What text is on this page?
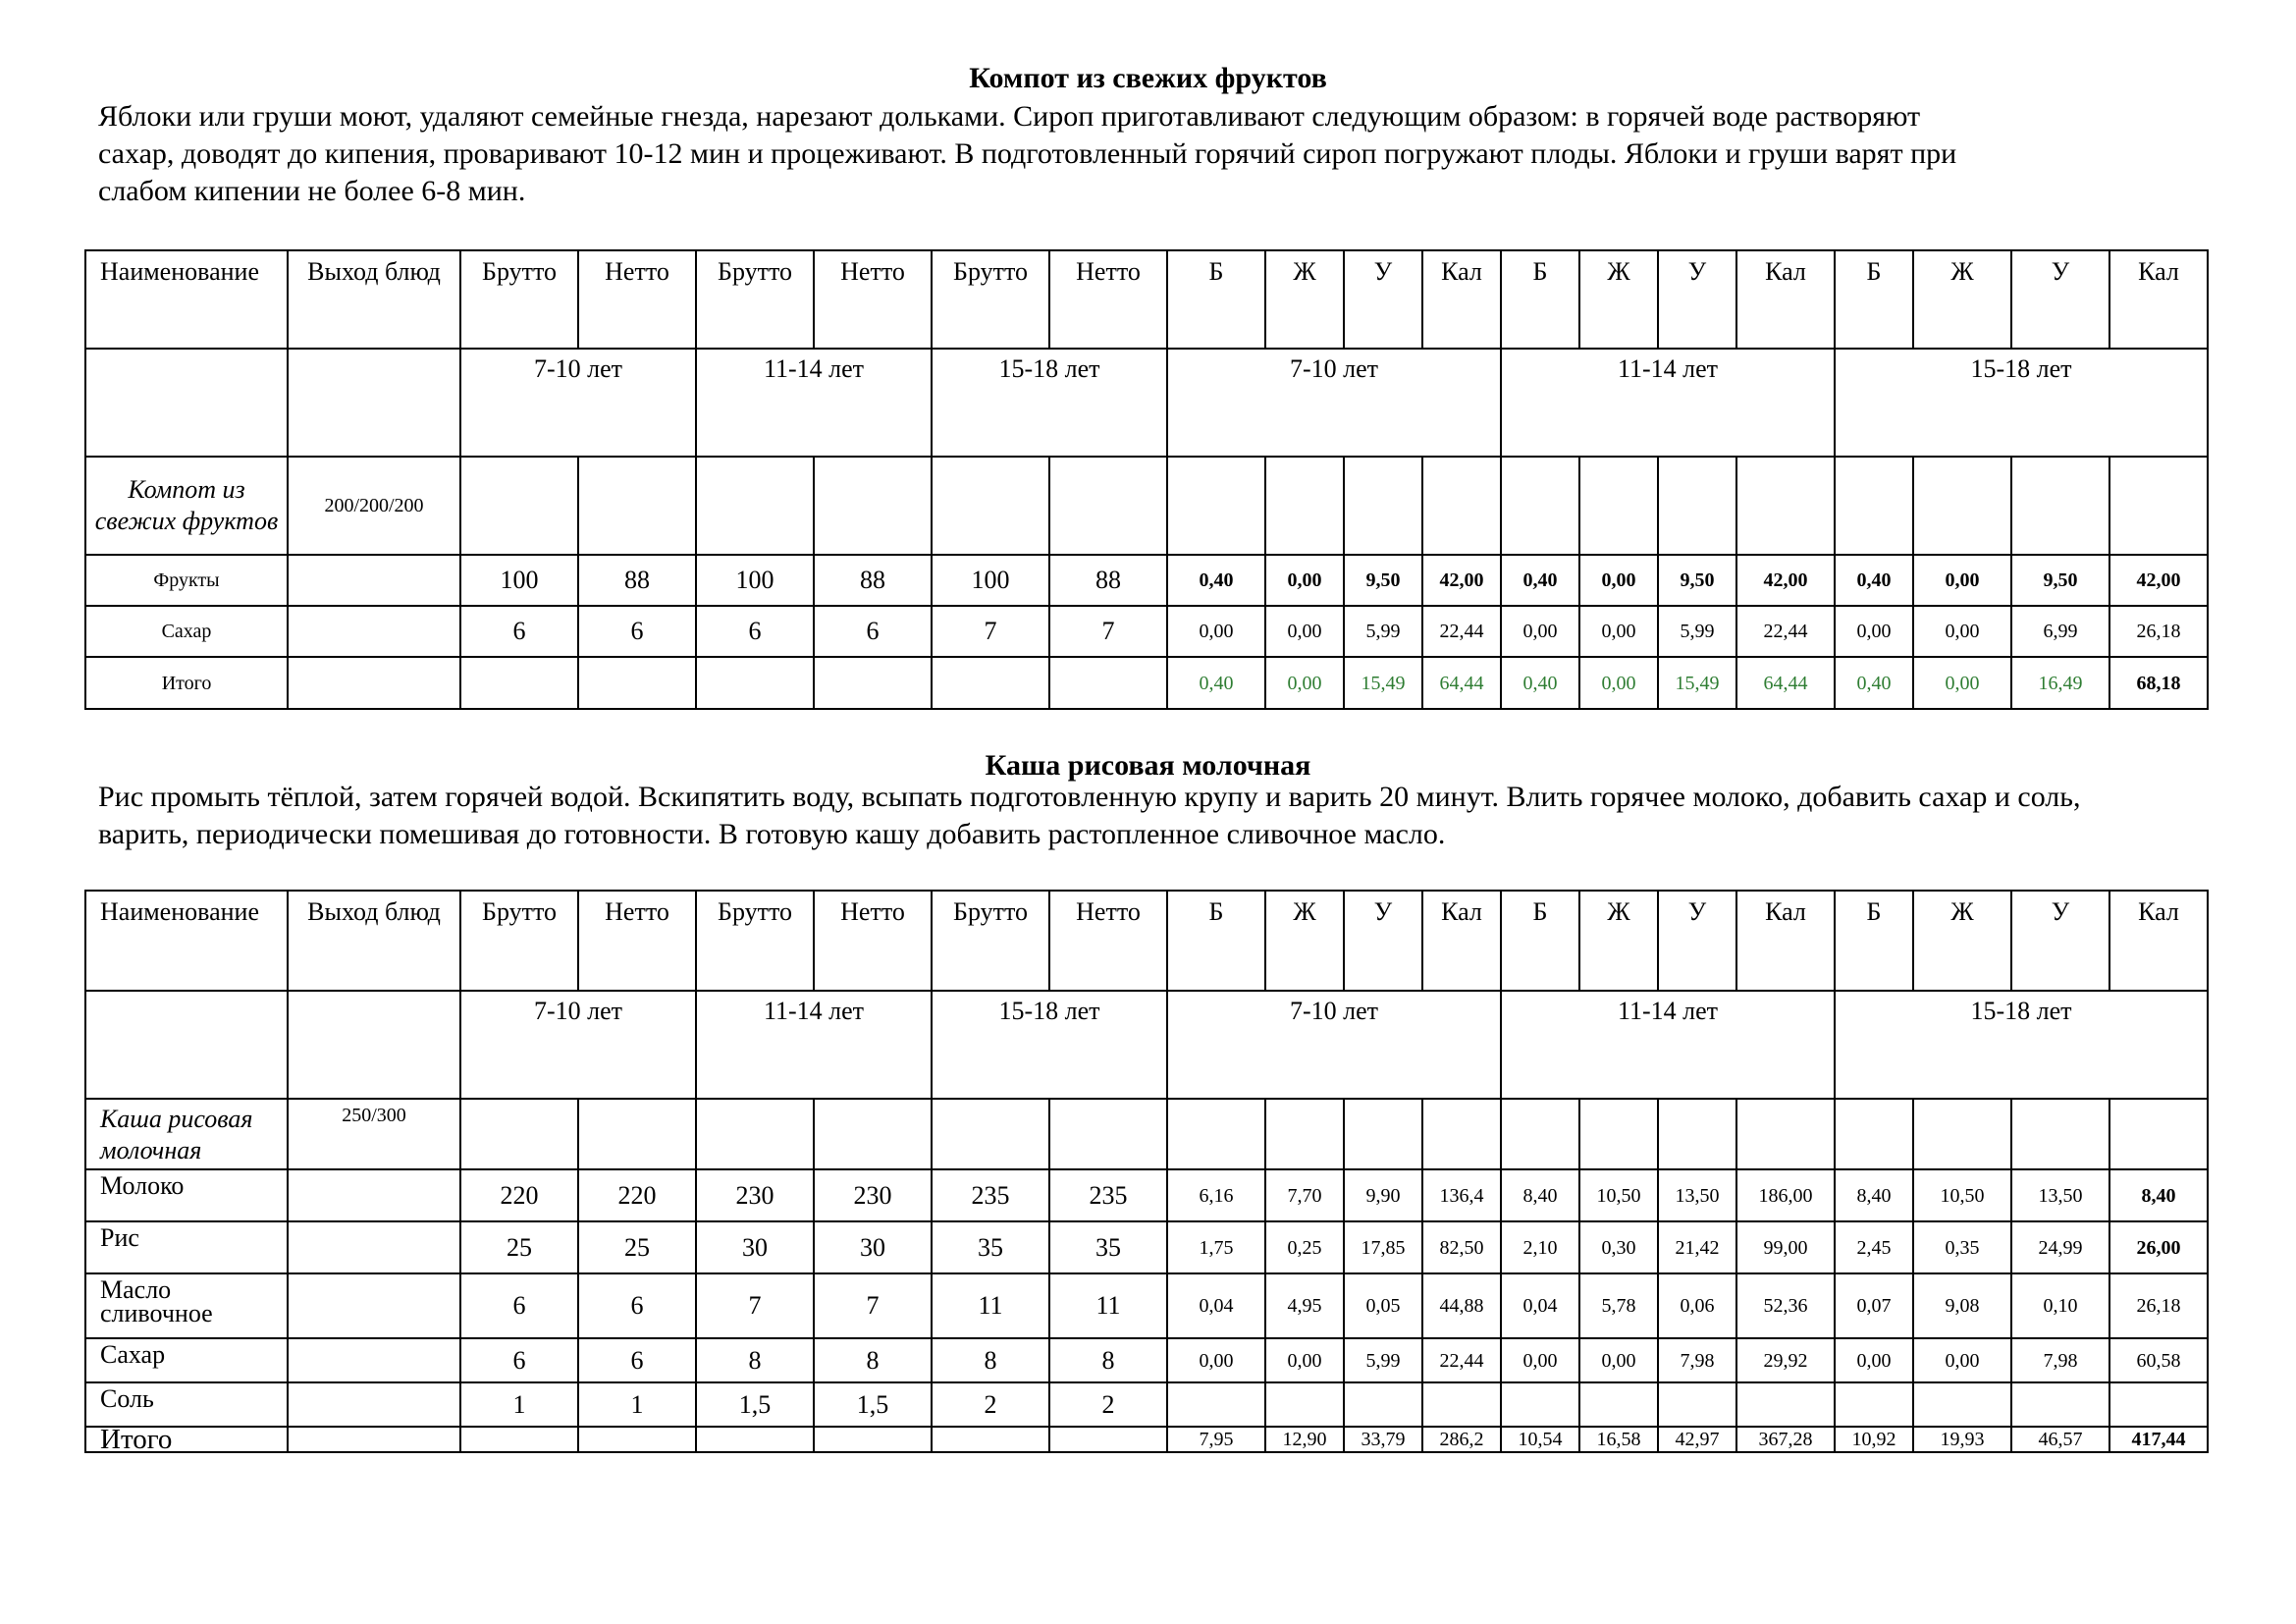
Компот из свежих фруктов

Яблоки или груши моют, удаляют семейные гнезда, нарезают дольками. Сироп приготавливают следующим образом: в горячей воде растворяют
сахар, доводят до кипения, проваривают 10-12 мин и процеживают. В подготовленный горячий сироп погружают плоды. Яблоки и груши варят при
слабом кипении не более 6-8 мин.

Наименование	Выход блюд	Брутто	Нетто	Брутто	Нетто	Брутто	Нетто	Б	Ж	У	Кал	Б	Ж	У	Кал	Б	Ж	У	Кал
		7-10 лет		11-14 лет		15-18 лет		7-10 лет				11-14 лет				15-18 лет			
Компот из свежих фруктов	200/200/200																		
Фрукты		100	88	100	88	100	88	0,40	0,00	9,50	42,00	0,40	0,00	9,50	42,00	0,40	0,00	9,50	42,00
Сахар		6	6	6	6	7	7	0,00	0,00	5,99	22,44	0,00	0,00	5,99	22,44	0,00	0,00	6,99	26,18
Итого								0,40	0,00	15,49	64,44	0,40	0,00	15,49	64,44	0,40	0,00	16,49	68,18
Каша рисовая молочная

Рис промыть тёплой, затем горячей водой. Вскипятить воду, всыпать подготовленную крупу и варить 20 минут. Влить горячее молоко, добавить сахар и соль,
варить, периодически помешивая до готовности. В готовую кашу добавить растопленное сливочное масло.

Наименование	Выход блюд	Брутто	Нетто	Брутто	Нетто	Брутто	Нетто	Б	Ж	У	Кал	Б	Ж	У	Кал	Б	Ж	У	Кал
		7-10 лет		11-14 лет		15-18 лет		7-10 лет				11-14 лет				15-18 лет			
Каша рисовая молочная	250/300																		
Молоко		220	220	230	230	235	235	6,16	7,70	9,90	136,4	8,40	10,50	13,50	186,00	8,40	10,50	13,50	8,40
Рис		25	25	30	30	35	35	1,75	0,25	17,85	82,50	2,10	0,30	21,42	99,00	2,45	0,35	24,99	26,00
Масло сливочное		6	6	7	7	11	11	0,04	4,95	0,05	44,88	0,04	5,78	0,06	52,36	0,07	9,08	0,10	26,18
Сахар		6	6	8	8	8	8	0,00	0,00	5,99	22,44	0,00	0,00	7,98	29,92	0,00	0,00	7,98	60,58
Соль		1	1	1,5	1,5	2	2												
Итого								7,95	12,90	33,79	286,2	10,54	16,58	42,97	367,28	10,92	19,93	46,57	417,44
